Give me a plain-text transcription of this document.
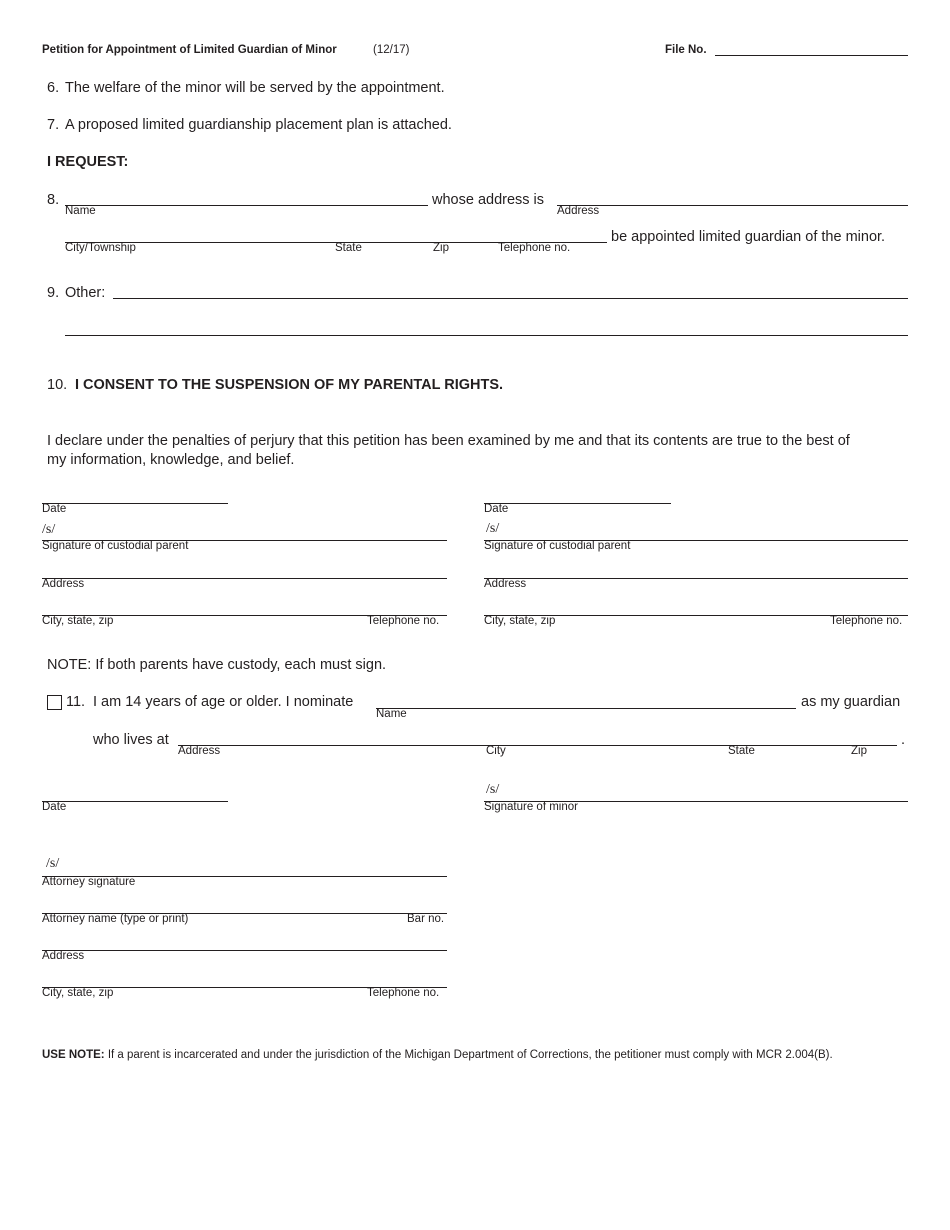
Petition for Appointment of Limited Guardian of Minor	(12/17)	File No.
6. The welfare of the minor will be served by the appointment.
7. A proposed limited guardianship placement plan is attached.
I REQUEST:
8.
Name
whose address is
Address
City/Township	State	Zip	Telephone no.
be appointed limited guardian of the minor.
9. Other:
10. I CONSENT TO THE SUSPENSION OF MY PARENTAL RIGHTS.
I declare under the penalties of perjury that this petition has been examined by me and that its contents are true to the best of
my information, knowledge, and belief.
Date
/s/
Signature of custodial parent
Address
City, state, zip	Telephone no.
Date
/s/
Signature of custodial parent
Address
City, state, zip	Telephone no.
NOTE: If both parents have custody, each must sign.
11. I am 14 years of age or older. I nominate
Name
as my guardian
who lives at	.
Address	City	State	Zip
Date
/s/
Signature of minor
/s/
Attorney signature
Attorney name (type or print)	Bar no.
Address
City, state, zip	Telephone no.
USE NOTE: If a parent is incarcerated and under the jurisdiction of the Michigan Department of Corrections, the petitioner must comply with MCR 2.004(B).
